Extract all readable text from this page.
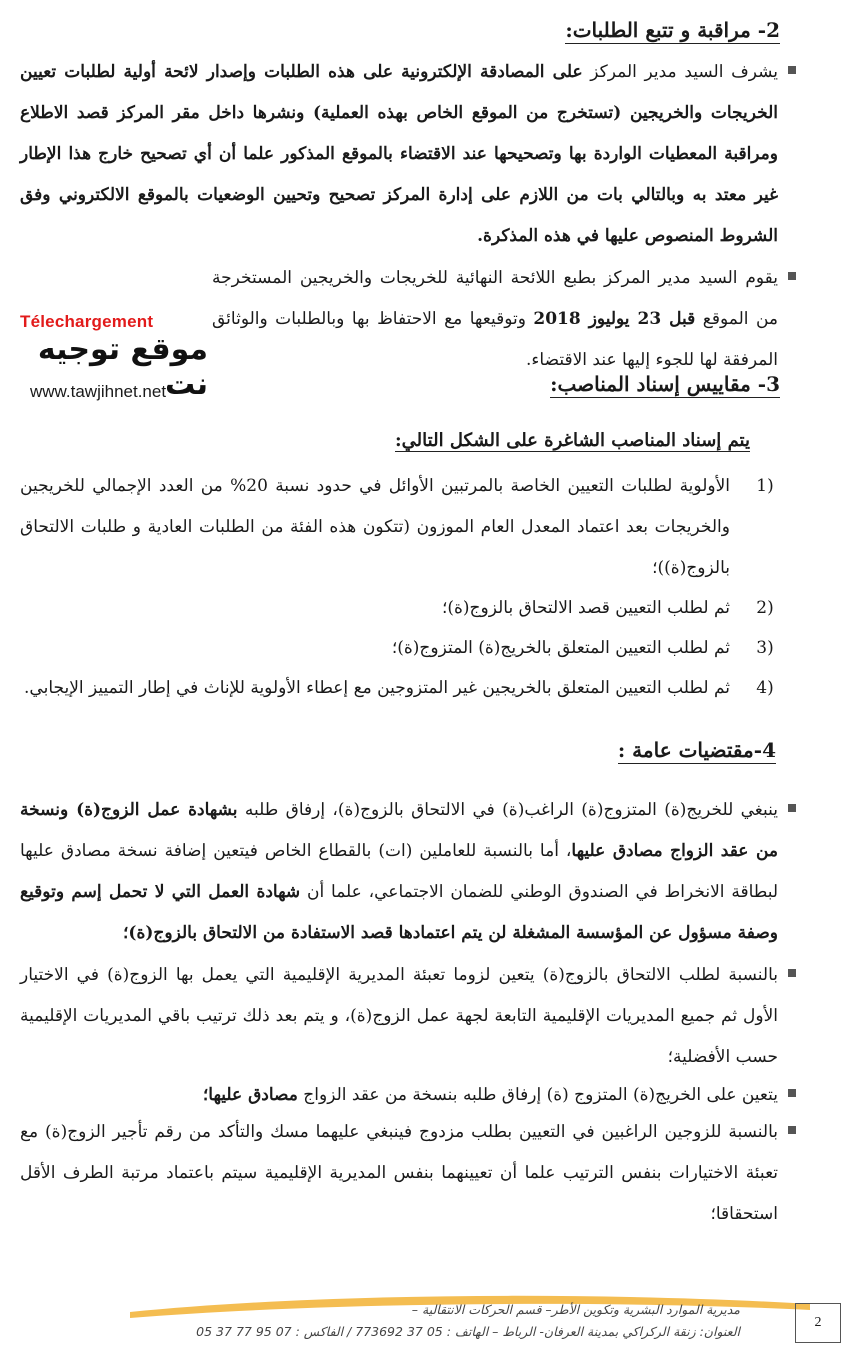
2- مراقبة و تتبع الطلبات:
يشرف السيد مدير المركز على المصادقة الإلكترونية على هذه الطلبات وإصدار لائحة أولية لطلبات تعيين الخريجات والخريجين (تستخرج من الموقع الخاص بهذه العملية) ونشرها داخل مقر المركز قصد الاطلاع ومراقبة المعطيات الواردة بها وتصحيحها عند الاقتضاء بالموقع المذكور علما أن أي تصحيح خارج هذا الإطار غير معتد به وبالتالي بات من اللازم على إدارة المركز تصحيح وتحيين الوضعيات بالموقع الالكتروني وفق الشروط المنصوص عليها في هذه المذكرة.
يقوم السيد مدير المركز بطبع اللائحة النهائية للخريجات والخريجين المستخرجة من الموقع قبل 23 يوليوز 2018 وتوقيعها مع الاحتفاظ بها وبالطلبات والوثائق المرفقة لها للجوء إليها عند الاقتضاء.
Télechargement
موقع توجيه نت
www.tawjihnet.net	3- مقاييس إسناد المناصب:
يتم إسناد المناصب الشاغرة على الشكل التالي:
1)
الأولوية لطلبات التعيين الخاصة بالمرتبين الأوائل في حدود نسبة 20% من العدد الإجمالي للخريجين والخريجات بعد اعتماد المعدل العام الموزون (تتكون هذه الفئة من الطلبات العادية و طلبات الالتحاق بالزوج(ة))؛
2)
ثم لطلب التعيين قصد الالتحاق بالزوج(ة)؛
3)
ثم لطلب التعيين المتعلق بالخريج(ة) المتزوج(ة)؛
4)
ثم لطلب التعيين المتعلق بالخريجين غير المتزوجين مع إعطاء الأولوية للإناث في إطار التمييز الإيجابي.
4-مقتضيات عامة :
ينبغي للخريج(ة) المتزوج(ة) الراغب(ة) في الالتحاق بالزوج(ة)، إرفاق طلبه بشهادة عمل الزوج(ة) ونسخة من عقد الزواج مصادق عليها، أما بالنسبة للعاملين (ات) بالقطاع الخاص فيتعين إضافة نسخة مصادق عليها لبطاقة الانخراط في الصندوق الوطني للضمان الاجتماعي، علما أن شهادة العمل التي لا تحمل إسم وتوقيع وصفة مسؤول عن المؤسسة المشغلة لن يتم اعتمادها قصد الاستفادة من الالتحاق بالزوج(ة)؛
بالنسبة لطلب الالتحاق بالزوج(ة) يتعين لزوما تعبئة المديرية الإقليمية التي يعمل بها الزوج(ة) في الاختيار الأول ثم جميع المديريات الإقليمية التابعة لجهة عمل الزوج(ة)، و يتم بعد ذلك ترتيب باقي المديريات الإقليمية حسب الأفضلية؛
يتعين على الخريج(ة) المتزوج (ة) إرفاق طلبه بنسخة من عقد الزواج مصادق عليها؛
بالنسبة للزوجين الراغبين في التعيين بطلب مزدوج فينبغي عليهما مسك والتأكد من رقم تأجير الزوج(ة) مع تعبئة الاختيارات بنفس الترتيب علما أن تعيينهما بنفس المديرية الإقليمية سيتم باعتماد مرتبة الطرف الأقل استحقاقا؛
مديرية الموارد البشرية وتكوين الأطر– قسم الحركات الانتقالية –
العنوان: زنقة الركراكي بمدينة العرفان- الرباط – الهاتف : 05 37 773692 / الفاكس : 07 95 77 37 05
2
